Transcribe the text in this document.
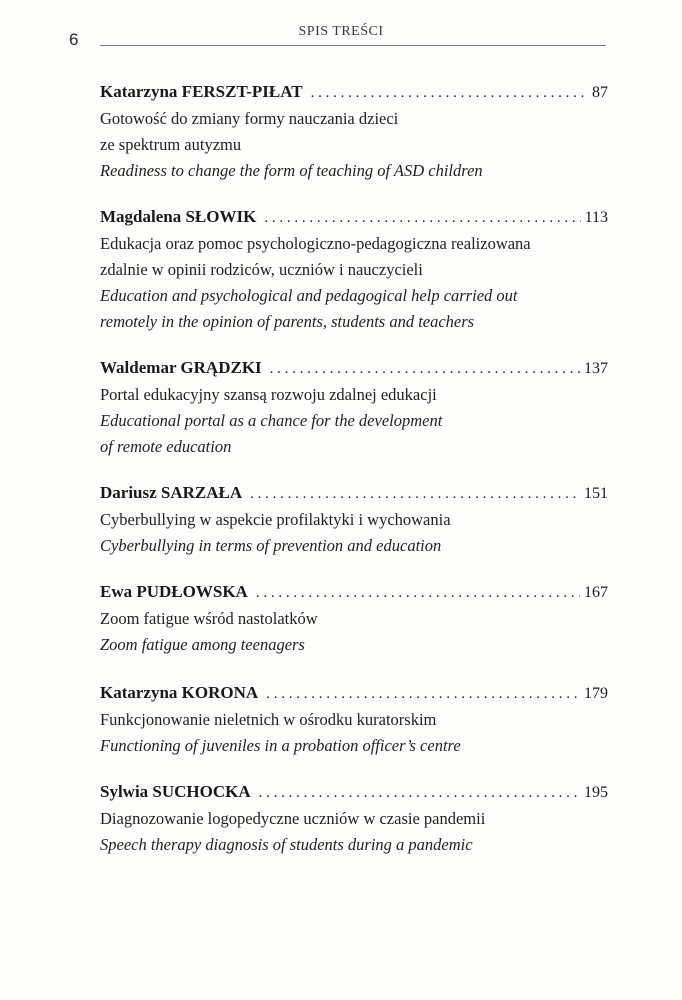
6	SPIS TREŚCI
Katarzyna FERSZT-PIŁAT . . .	87
Gotowość do zmiany formy nauczania dzieci
ze spektrum autyzmu
Readiness to change the form of teaching of ASD children
Magdalena SŁOWIK . . .	113
Edukacja oraz pomoc psychologiczno-pedagogiczna realizowana
zdalnie w opinii rodziców, uczniów i nauczycieli
Education and psychological and pedagogical help carried out
remotely in the opinion of parents, students and teachers
Waldemar GRĄDZKI . . .	137
Portal edukacyjny szansą rozwoju zdalnej edukacji
Educational portal as a chance for the development
of remote education
Dariusz SARZAŁA . . .	151
Cyberbullying w aspekcie profilaktyki i wychowania
Cyberbullying in terms of prevention and education
Ewa PUDŁOWSKA . . .	167
Zoom fatigue wśród nastolatków
Zoom fatigue among teenagers
Katarzyna KORONA . . .	179
Funkcjonowanie nieletnich w ośrodku kuratorskim
Functioning of juveniles in a probation officer’s centre
Sylwia SUCHOCKA . . .	195
Diagnozowanie logopedyczne uczniów w czasie pandemii
Speech therapy diagnosis of students during a pandemic
